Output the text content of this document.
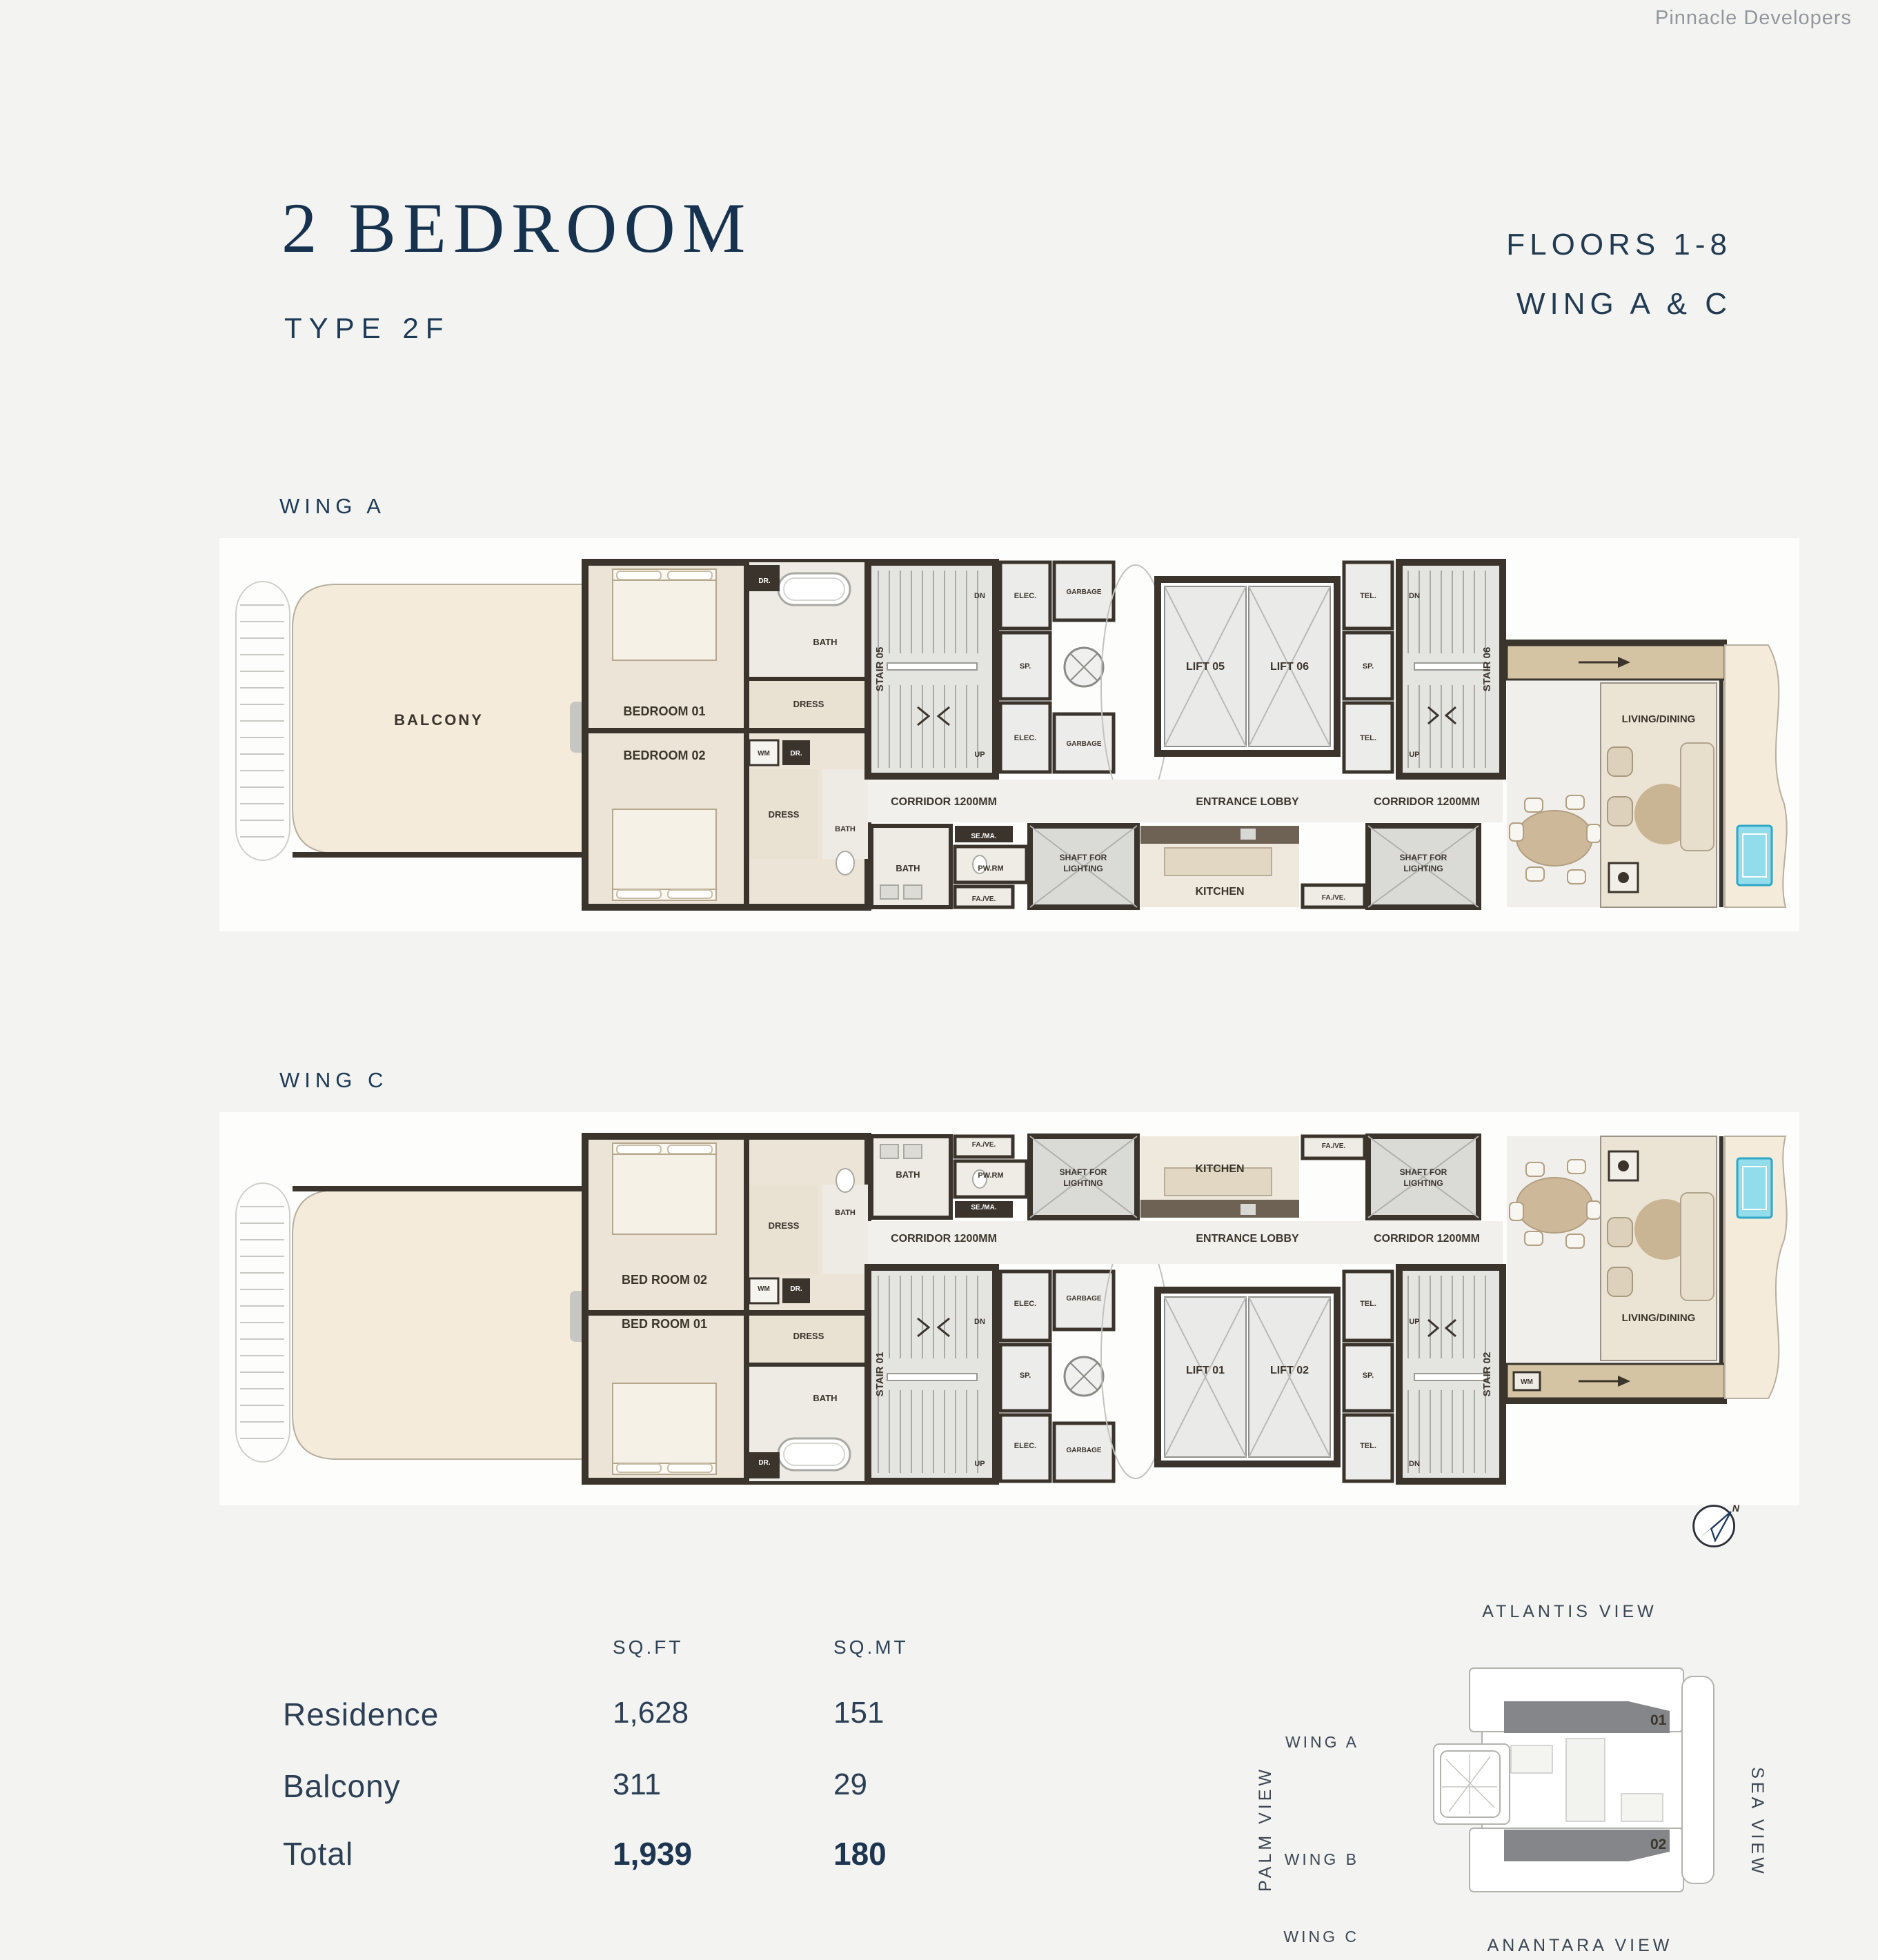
Pinnacle Developers
2 BEDROOM
TYPE 2F
FLOORS 1-8
WING A & C
WING A
BALCONY	BEDROOM 01
BEDROOM 02
DR.
BATH
DRESS
WM	DR.
DRESS
BATH
STAIR 05
DN
UP
ELEC.
SP.
ELEC.
GARBAGE
GARBAGE
LIFT 05	LIFT 06
TEL.
SP.
TEL.
STAIR 06
DN
UP
CORRIDOR 1200MM	ENTRANCE LOBBY	CORRIDOR 1200MM
BATH
SE./MA.
PW.RM
FA./VE.
SHAFT FOR
LIGHTING
KITCHEN
FA./VE.
SHAFT FOR
LIGHTING
LIVING/DINING
WING C
BED ROOM 01
BED ROOM 02
DR.
BATH
DRESS
WM	DR.
DRESS
BATH
STAIR 01
DN
UP
ELEC.
SP.
ELEC.
GARBAGE
GARBAGE
LIFT 01	LIFT 02
TEL.
SP.
TEL.
STAIR 02
UP
DN
CORRIDOR 1200MM	ENTRANCE LOBBY	CORRIDOR 1200MM
BATH
SE./MA.
PW.RM
FA./VE.
SHAFT FOR
LIGHTING
KITCHEN
FA./VE.
SHAFT FOR
LIGHTING
LIVING/DINING
WM
SQ.FT	SQ.MT
Residence	1,628	151
Balcony	311	29
Total	1,939	180
N
ATLANTIS VIEW
PALM VIEW	SEA VIEW
WING A
WING B
WING C	ANANTARA VIEW
01
02
